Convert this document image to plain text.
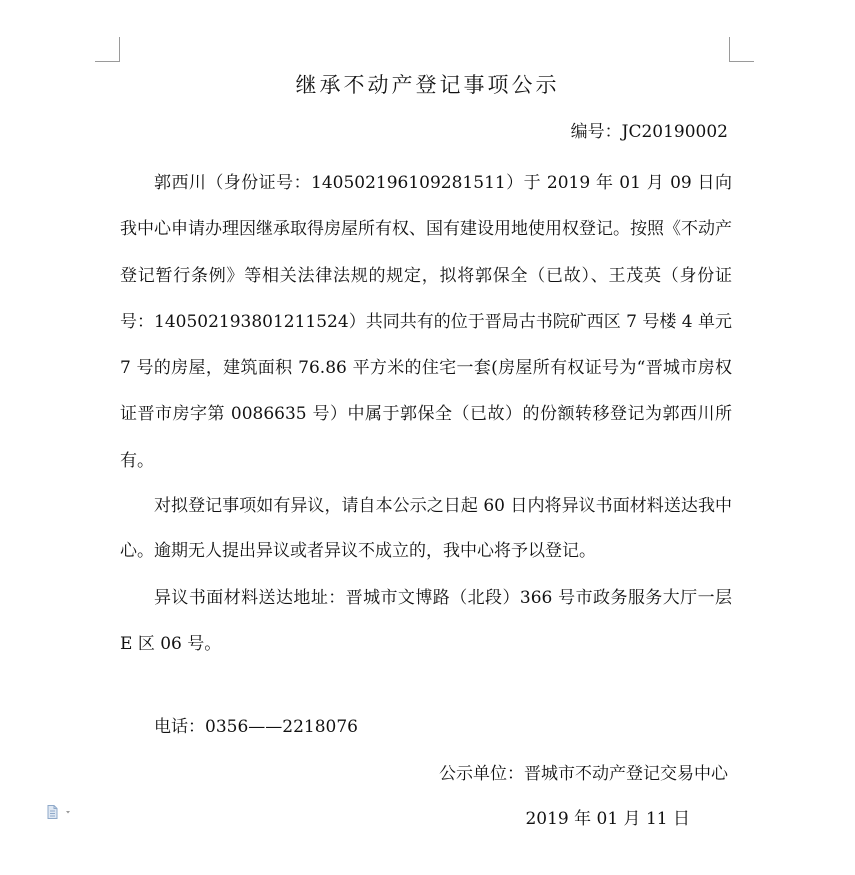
继承不动产登记事项公示
编号：JC20190002

郭西川（身份证号：140502196109281511）于 2019 年 01 月 09 日向我中心申请办理因继承取得房屋所有权、国有建设用地使用权登记。按照《不动产登记暂行条例》等相关法律法规的规定，拟将郭保全（已故）、王茂英（身份证号：140502193801211524）共同共有的位于晋局古书院矿西区 7 号楼 4 单元 7 号的房屋，建筑面积 76.86 平方米的住宅一套(房屋所有权证号为“晋城市房权证晋市房字第 0086635 号）中属于郭保全（已故）的份额转移登记为郭西川所有。

对拟登记事项如有异议，请自本公示之日起 60 日内将异议书面材料送达我中心。逾期无人提出异议或者异议不成立的，我中心将予以登记。

异议书面材料送达地址：晋城市文博路（北段）366 号市政务服务大厅一层 E 区 06 号。

电话：0356——2218076
公示单位：晋城市不动产登记交易中心
2019 年 01 月 11 日
